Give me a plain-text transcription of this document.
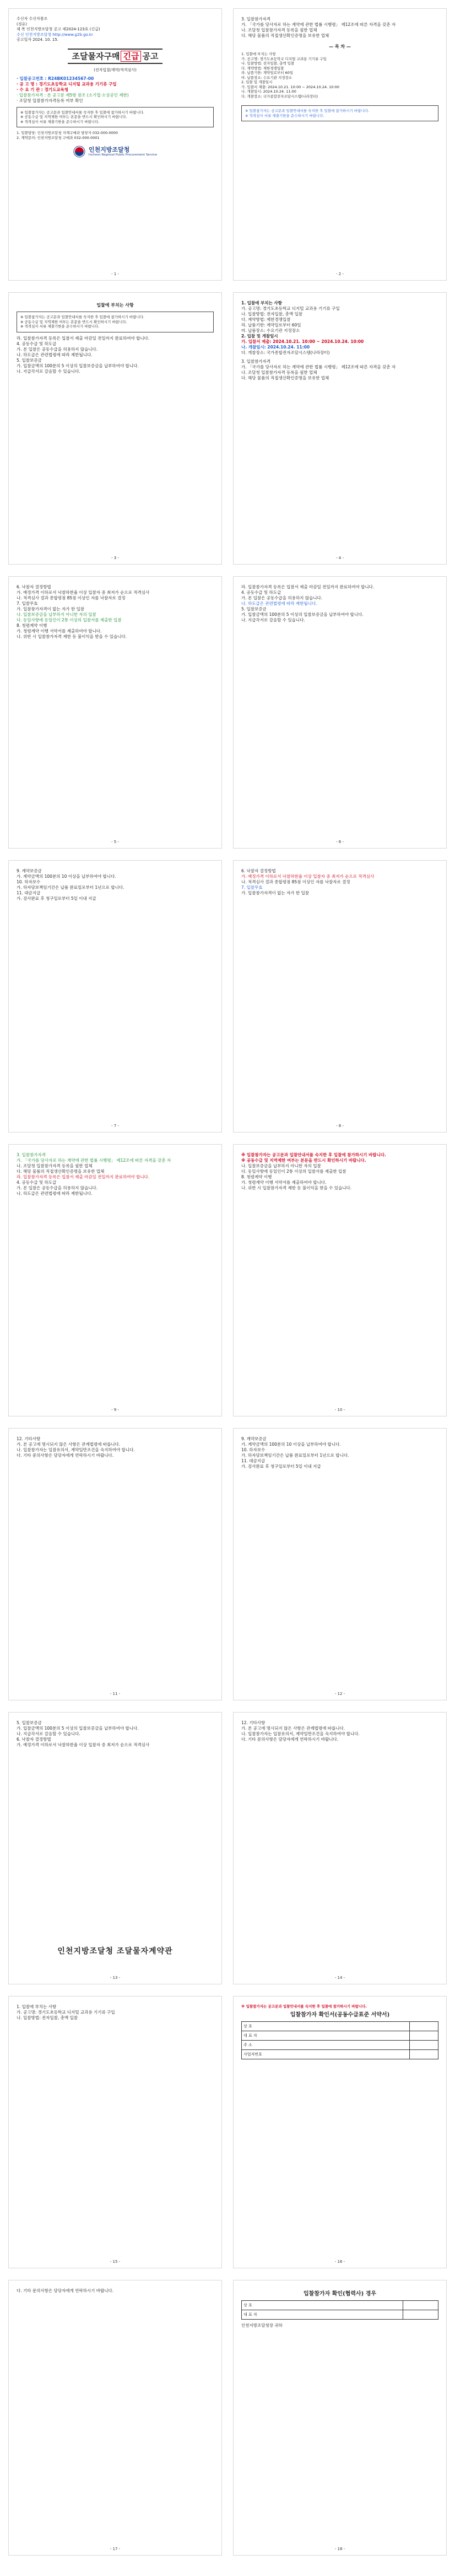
수신자 수신자참조
(경유)
제 목 인천지방조달청 공고 제2024-123호 (긴급)
수신 인천지방조달청 http://www.g2b.go.kr
공고일자 2024. 10. 15.
조달물자구매 긴급 공고
(전자입찰/계약/적격심사)
· 입찰공고번호 : R24BK01234567-00
· 공 고 명 : 경기도초등학교 디지털 교과용 기기류 구입
· 수 요 기 관 : 경기도교육청
· 입찰참가자격 : 본 공고문 제5항 참조 (소기업·소상공인 제한)
· 조달청 입찰참가자격등록 여부 확인
※ 입찰참가자는 공고문과 입찰안내서를 숙지한 후 입찰에 참가하시기 바랍니다.
※ 공동수급 및 지역제한 여부는 본문을 반드시 확인하시기 바랍니다.
※ 적격심사 서류 제출기한을 준수하시기 바랍니다.
1. 입찰담당: 인천지방조달청 자재구매과 담당자 032-000-0000
2. 계약문의: 인천지방조달청 구매과 032-000-0001
인천지방조달청
Incheon Regional Public Procurement Service
- 1 -
3. 입찰참가자격
가. 「국가를 당사자로 하는 계약에 관한 법률 시행령」 제12조에 따른 자격을 갖춘 자
나. 조달청 입찰참가자격 등록을 필한 업체
다. 해당 물품의 직접생산확인증명을 보유한 업체
— 목 차 —
1. 입찰에 부치는 사항
가. 공고명: 경기도초등학교 디지털 교과용 기기류 구입
나. 입찰방법: 전자입찰, 총액 입찰
다. 계약방법: 제한경쟁입찰
라. 납품기한: 계약일로부터 60일
마. 납품장소: 수요기관 지정장소
2. 입찰 및 개찰일시
가. 입찰서 제출: 2024.10.21. 10:00 ~ 2024.10.24. 10:00
나. 개찰일시: 2024.10.24. 11:00
다. 개찰장소: 국가종합전자조달시스템(나라장터)
※ 입찰참가자는 공고문과 입찰안내서를 숙지한 후 입찰에 참가하시기 바랍니다.
※ 적격심사 서류 제출기한을 준수하시기 바랍니다.
- 2 -
입찰에 부치는 사항
※ 입찰참가자는 공고문과 입찰안내서를 숙지한 후 입찰에 참가하시기 바랍니다.
※ 공동수급 및 지역제한 여부는 본문을 반드시 확인하시기 바랍니다.
※ 적격심사 서류 제출기한을 준수하시기 바랍니다.
라. 입찰참가자격 등록은 입찰서 제출 마감일 전일까지 완료하여야 합니다.
4. 공동수급 및 하도급
가. 본 입찰은 공동수급을 허용하지 않습니다.
나. 하도급은 관련법령에 따라 제한됩니다.
5. 입찰보증금
가. 입찰금액의 100분의 5 이상의 입찰보증금을 납부하여야 합니다.
나. 지급각서로 갈음할 수 있습니다.
- 3 -
1. 입찰에 부치는 사항
가. 공고명: 경기도초등학교 디지털 교과용 기기류 구입
나. 입찰방법: 전자입찰, 총액 입찰
다. 계약방법: 제한경쟁입찰
라. 납품기한: 계약일로부터 60일
마. 납품장소: 수요기관 지정장소
2. 입찰 및 개찰일시
가. 입찰서 제출: 2024.10.21. 10:00 ~ 2024.10.24. 10:00
나. 개찰일시: 2024.10.24. 11:00
다. 개찰장소: 국가종합전자조달시스템(나라장터)
3. 입찰참가자격
가. 「국가를 당사자로 하는 계약에 관한 법률 시행령」 제12조에 따른 자격을 갖춘 자
나. 조달청 입찰참가자격 등록을 필한 업체
다. 해당 물품의 직접생산확인증명을 보유한 업체
- 4 -
6. 낙찰자 결정방법
가. 예정가격 이하로서 낙찰하한율 이상 입찰자 중 최저가 순으로 적격심사
나. 적격심사 결과 종합평점 85점 이상인 자를 낙찰자로 결정
7. 입찰무효
가. 입찰참가자격이 없는 자가 한 입찰
나. 입찰보증금을 납부하지 아니한 자의 입찰
다. 동일사항에 동일인이 2통 이상의 입찰서를 제출한 입찰
8. 청렴계약 이행
가. 청렴계약 이행 서약서를 제출하여야 합니다.
나. 위반 시 입찰참가자격 제한 등 불이익을 받을 수 있습니다.
- 5 -
라. 입찰참가자격 등록은 입찰서 제출 마감일 전일까지 완료하여야 합니다.
4. 공동수급 및 하도급
가. 본 입찰은 공동수급을 허용하지 않습니다.
나. 하도급은 관련법령에 따라 제한됩니다.
5. 입찰보증금
가. 입찰금액의 100분의 5 이상의 입찰보증금을 납부하여야 합니다.
나. 지급각서로 갈음할 수 있습니다.
- 6 -
9. 계약보증금
가. 계약금액의 100분의 10 이상을 납부하여야 합니다.
10. 하자보수
가. 하자담보책임기간은 납품 완료일로부터 1년으로 합니다.
11. 대금지급
가. 검사완료 후 청구일로부터 5일 이내 지급
- 7 -
6. 낙찰자 결정방법
가. 예정가격 이하로서 낙찰하한율 이상 입찰자 중 최저가 순으로 적격심사
나. 적격심사 결과 종합평점 85점 이상인 자를 낙찰자로 결정
7. 입찰무효
가. 입찰참가자격이 없는 자가 한 입찰
- 8 -
3. 입찰참가자격
가. 「국가를 당사자로 하는 계약에 관한 법률 시행령」 제12조에 따른 자격을 갖춘 자
나. 조달청 입찰참가자격 등록을 필한 업체
다. 해당 물품의 직접생산확인증명을 보유한 업체
라. 입찰참가자격 등록은 입찰서 제출 마감일 전일까지 완료하여야 합니다.
4. 공동수급 및 하도급
가. 본 입찰은 공동수급을 허용하지 않습니다.
나. 하도급은 관련법령에 따라 제한됩니다.
- 9 -
※ 입찰참가자는 공고문과 입찰안내서를 숙지한 후 입찰에 참가하시기 바랍니다.
※ 공동수급 및 지역제한 여부는 본문을 반드시 확인하시기 바랍니다.
나. 입찰보증금을 납부하지 아니한 자의 입찰
다. 동일사항에 동일인이 2통 이상의 입찰서를 제출한 입찰
8. 청렴계약 이행
가. 청렴계약 이행 서약서를 제출하여야 합니다.
나. 위반 시 입찰참가자격 제한 등 불이익을 받을 수 있습니다.
- 10 -
12. 기타사항
가. 본 공고에 명시되지 않은 사항은 관계법령에 따릅니다.
나. 입찰참가자는 입찰유의서, 계약일반조건을 숙지하여야 합니다.
다. 기타 문의사항은 담당자에게 연락하시기 바랍니다.
- 11 -
9. 계약보증금
가. 계약금액의 100분의 10 이상을 납부하여야 합니다.
10. 하자보수
가. 하자담보책임기간은 납품 완료일로부터 1년으로 합니다.
11. 대금지급
가. 검사완료 후 청구일로부터 5일 이내 지급
- 12 -
5. 입찰보증금
가. 입찰금액의 100분의 5 이상의 입찰보증금을 납부하여야 합니다.
나. 지급각서로 갈음할 수 있습니다.
6. 낙찰자 결정방법
가. 예정가격 이하로서 낙찰하한율 이상 입찰자 중 최저가 순으로 적격심사
인천지방조달청 조달물자계약관
- 13 -
12. 기타사항
가. 본 공고에 명시되지 않은 사항은 관계법령에 따릅니다.
나. 입찰참가자는 입찰유의서, 계약일반조건을 숙지하여야 합니다.
다. 기타 문의사항은 담당자에게 연락하시기 바랍니다.
- 14 -
1. 입찰에 부치는 사항
가. 공고명: 경기도초등학교 디지털 교과용 기기류 구입
나. 입찰방법: 전자입찰, 총액 입찰
- 15 -
※ 입찰참가자는 공고문과 입찰안내서를 숙지한 후 입찰에 참가하시기 바랍니다.
입찰참가자 확인서(공동수급표준 서약서)
상 호	
대 표 자	
주 소	
사업자번호	
- 16 -
다. 기타 문의사항은 담당자에게 연락하시기 바랍니다.
- 17 -
입찰참가자 확인(협력사) 경우
상 호	
대 표 자	
인천지방조달청장 귀하
- 18 -
